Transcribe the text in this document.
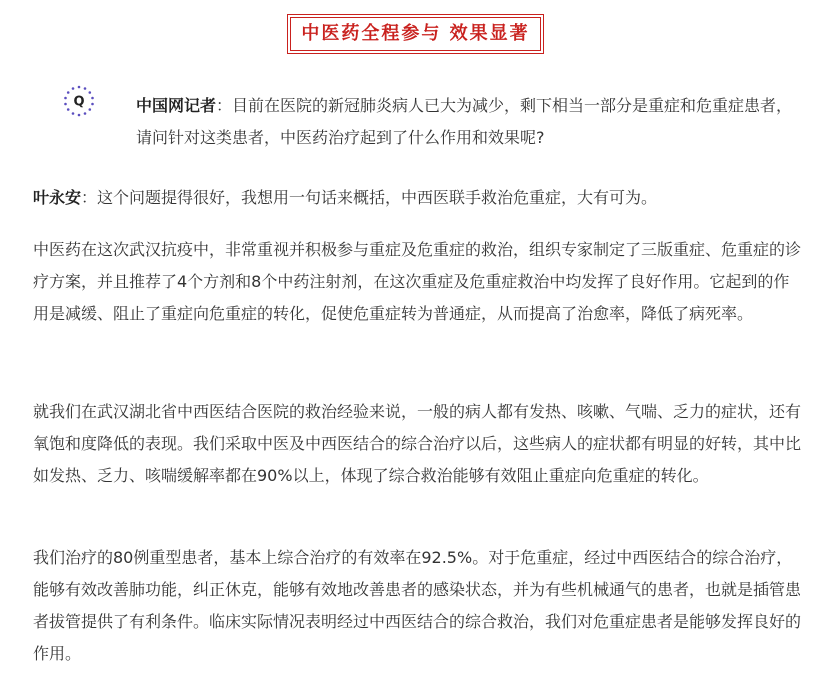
中医药全程参与 效果显著
Q	中国网记者：目前在医院的新冠肺炎病人已大为减少，剩下相当一部分是重症和危重症患者，请问针对这类患者，中医药治疗起到了什么作用和效果呢?

叶永安：这个问题提得很好，我想用一句话来概括，中西医联手救治危重症，大有可为。

中医药在这次武汉抗疫中，非常重视并积极参与重症及危重症的救治，组织专家制定了三版重症、危重症的诊疗方案，并且推荐了4个方剂和8个中药注射剂，在这次重症及危重症救治中均发挥了良好作用。它起到的作用是减缓、阻止了重症向危重症的转化，促使危重症转为普通症，从而提高了治愈率，降低了病死率。

就我们在武汉湖北省中西医结合医院的救治经验来说，一般的病人都有发热、咳嗽、气喘、乏力的症状，还有氧饱和度降低的表现。我们采取中医及中西医结合的综合治疗以后，这些病人的症状都有明显的好转，其中比如发热、乏力、咳喘缓解率都在90%以上，体现了综合救治能够有效阻止重症向危重症的转化。

我们治疗的80例重型患者，基本上综合治疗的有效率在92.5%。对于危重症，经过中西医结合的综合治疗，能够有效改善肺功能，纠正休克，能够有效地改善患者的感染状态，并为有些机械通气的患者，也就是插管患者拔管提供了有利条件。临床实际情况表明经过中西医结合的综合救治，我们对危重症患者是能够发挥良好的作用。
